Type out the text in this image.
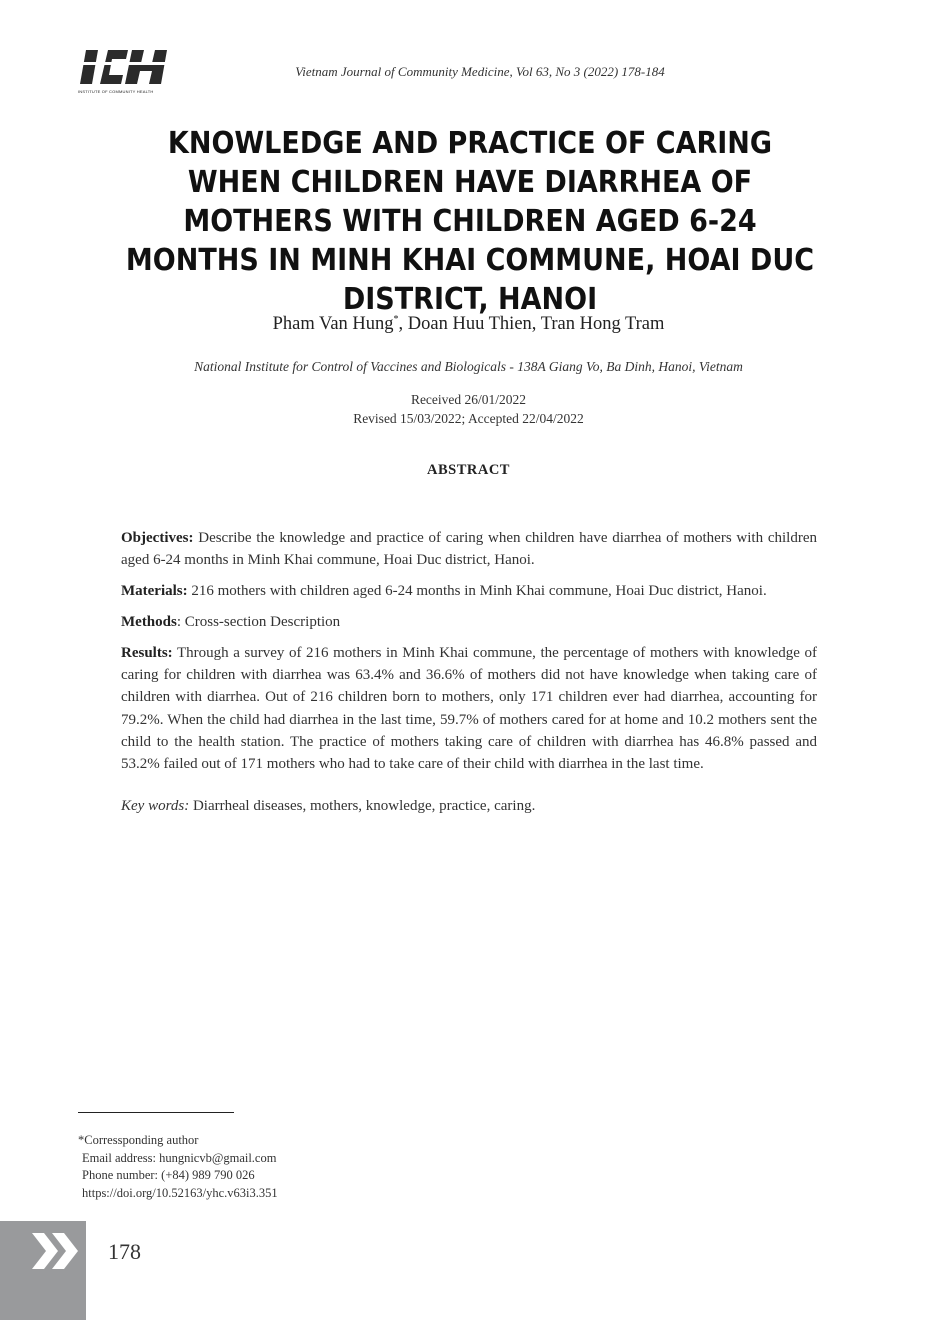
INSTITUTE OF COMMUNITY HEALTH
Vietnam Journal of Community Medicine, Vol 63, No 3 (2022) 178-184
KNOWLEDGE AND PRACTICE OF CARING WHEN CHILDREN HAVE DIARRHEA OF MOTHERS WITH CHILDREN AGED 6-24 MONTHS IN MINH KHAI COMMUNE, HOAI DUC DISTRICT, HANOI
Pham Van Hung*, Doan Huu Thien, Tran Hong Tram
National Institute for Control of Vaccines and Biologicals - 138A Giang Vo, Ba Dinh, Hanoi, Vietnam
Received 26/01/2022
Revised 15/03/2022; Accepted 22/04/2022
ABSTRACT

Objectives: Describe the knowledge and practice of caring when children have diarrhea of mothers with children aged 6-24 months in Minh Khai commune, Hoai Duc district, Hanoi.

Materials: 216 mothers with children aged 6-24 months in Minh Khai commune, Hoai Duc district, Hanoi.

Methods: Cross-section Description

Results: Through a survey of 216 mothers in Minh Khai commune, the percentage of mothers with knowledge of caring for children with diarrhea was 63.4% and 36.6% of mothers did not have knowledge when taking care of children with diarrhea. Out of 216 children born to mothers, only 171 children ever had diarrhea, accounting for 79.2%. When the child had diarrhea in the last time, 59.7% of mothers cared for at home and 10.2 mothers sent the child to the health station. The practice of mothers taking care of children with diarrhea has 46.8% passed and 53.2% failed out of 171 mothers who had to take care of their child with diarrhea in the last time.

Key words: Diarrheal diseases, mothers, knowledge, practice, caring.

*Corressponding author
Email address: hungnicvb@gmail.com
Phone number: (+84) 989 790 026
https://doi.org/10.52163/yhc.v63i3.351
178
